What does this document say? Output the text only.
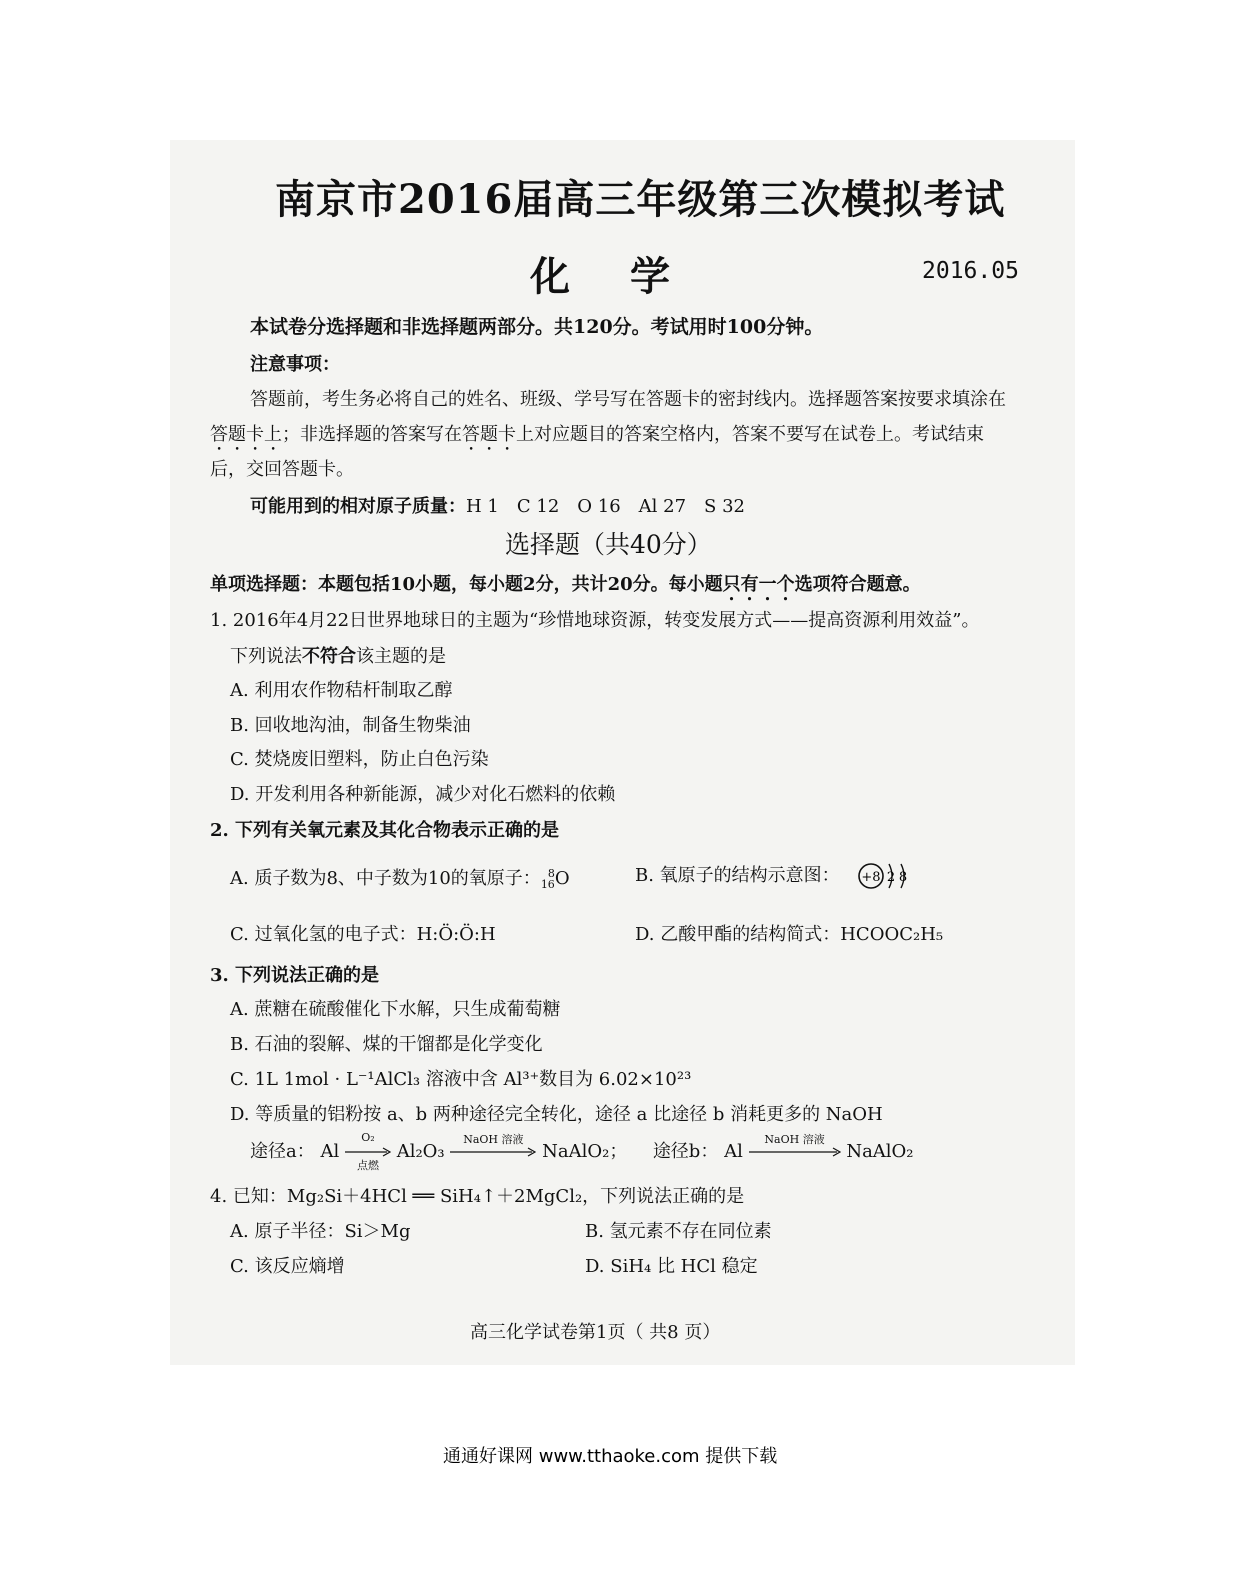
南京市2016届高三年级第三次模拟考试
化学	2016.05
本试卷分选择题和非选择题两部分。共120分。考试用时100分钟。
注意事项：
答题前，考生务必将自己的姓名、班级、学号写在答题卡的密封线内。选择题答案按要求填涂在
答题卡上；非选择题的答案写在答题卡上对应题目的答案空格内，答案不要写在试卷上。考试结束
后，交回答题卡。
可能用到的相对原子质量：H 1　C 12　O 16　Al 27　S 32
选择题（共40分）
单项选择题：本题包括10小题，每小题2分，共计20分。每小题只有一个选项符合题意。
1. 2016年4月22日世界地球日的主题为“珍惜地球资源，转变发展方式——提高资源利用效益”。
下列说法不符合该主题的是
A. 利用农作物秸杆制取乙醇
B. 回收地沟油，制备生物柴油
C. 焚烧废旧塑料，防止白色污染
D. 开发利用各种新能源，减少对化石燃料的依赖
2. 下列有关氧元素及其化合物表示正确的是
A. 质子数为8、中子数为10的氧原子： 8
16 O	B. 氧原子的结构示意图： +8 2 8
C. 过氧化氢的电子式：H:Ö:Ö:H	D. 乙酸甲酯的结构简式：HCOOC₂H₅
3. 下列说法正确的是
A. 蔗糖在硫酸催化下水解，只生成葡萄糖
B. 石油的裂解、煤的干馏都是化学变化
C. 1L 1mol · L⁻¹AlCl₃ 溶液中含 Al³⁺数目为 6.02×10²³
D. 等质量的铝粉按 a、b 两种途径完全转化，途径 a 比途径 b 消耗更多的 NaOH
途径a： Al
O₂
点燃
Al₂O₃
NaOH 溶液
NaAlO₂； 途径b： Al
NaOH 溶液
NaAlO₂
4. 已知：Mg₂Si＋4HCl ══ SiH₄↑＋2MgCl₂，下列说法正确的是
A. 原子半径：Si＞Mg	B. 氢元素不存在同位素
C. 该反应熵增	D. SiH₄ 比 HCl 稳定
高三化学试卷第1页（ 共8 页）
通通好课网 www.tthaoke.com 提供下载
